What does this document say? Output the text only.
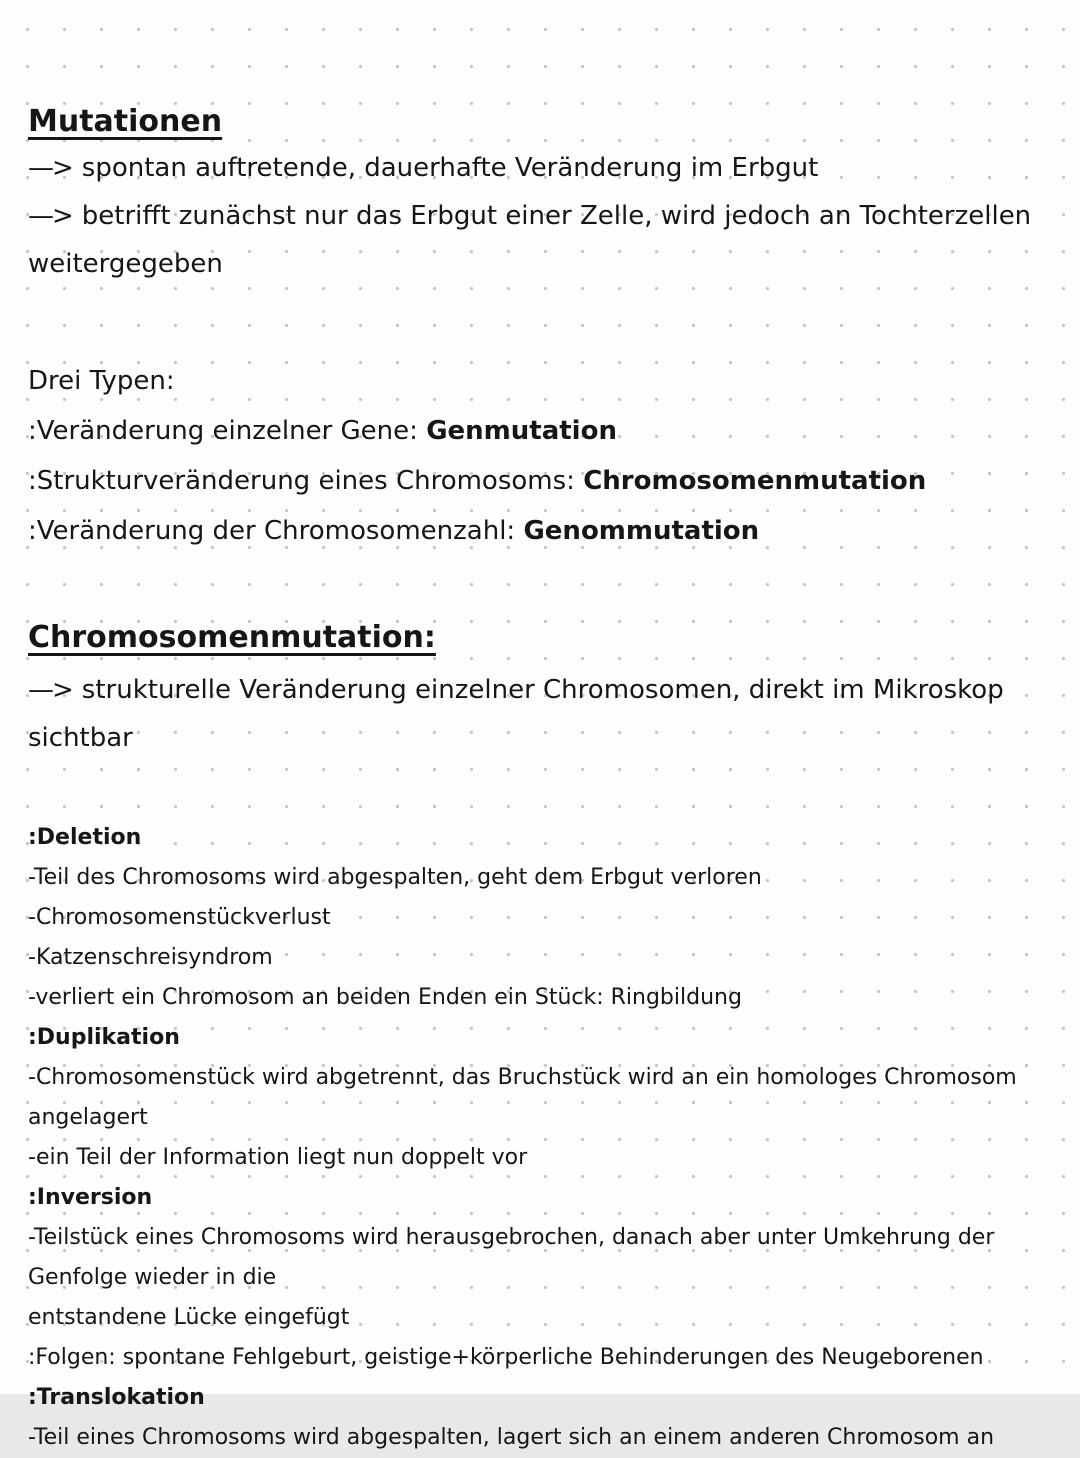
Mutationen

—> spontan auftretende, dauerhafte Veränderung im Erbgut

—> betrifft zunächst nur das Erbgut einer Zelle, wird jedoch an Tochterzellen

weitergegeben

Drei Typen:

:Veränderung einzelner Gene: Genmutation

:Strukturveränderung eines Chromosoms: Chromosomenmutation

:Veränderung der Chromosomenzahl: Genommutation

Chromosomenmutation:

—> strukturelle Veränderung einzelner Chromosomen, direkt im Mikroskop sichtbar

:Deletion

-Teil des Chromosoms wird abgespalten, geht dem Erbgut verloren

-Chromosomenstückverlust

-Katzenschreisyndrom

-verliert ein Chromosom an beiden Enden ein Stück: Ringbildung

:Duplikation

-Chromosomenstück wird abgetrennt, das Bruchstück wird an ein homologes Chromosom angelagert

-ein Teil der Information liegt nun doppelt vor

:Inversion

-Teilstück eines Chromosoms wird herausgebrochen, danach aber unter Umkehrung der Genfolge wieder in die

entstandene Lücke eingefügt

:Folgen: spontane Fehlgeburt, geistige+körperliche Behinderungen des Neugeborenen

:Translokation

-Teil eines Chromosoms wird abgespalten, lagert sich an einem anderen Chromosom an
